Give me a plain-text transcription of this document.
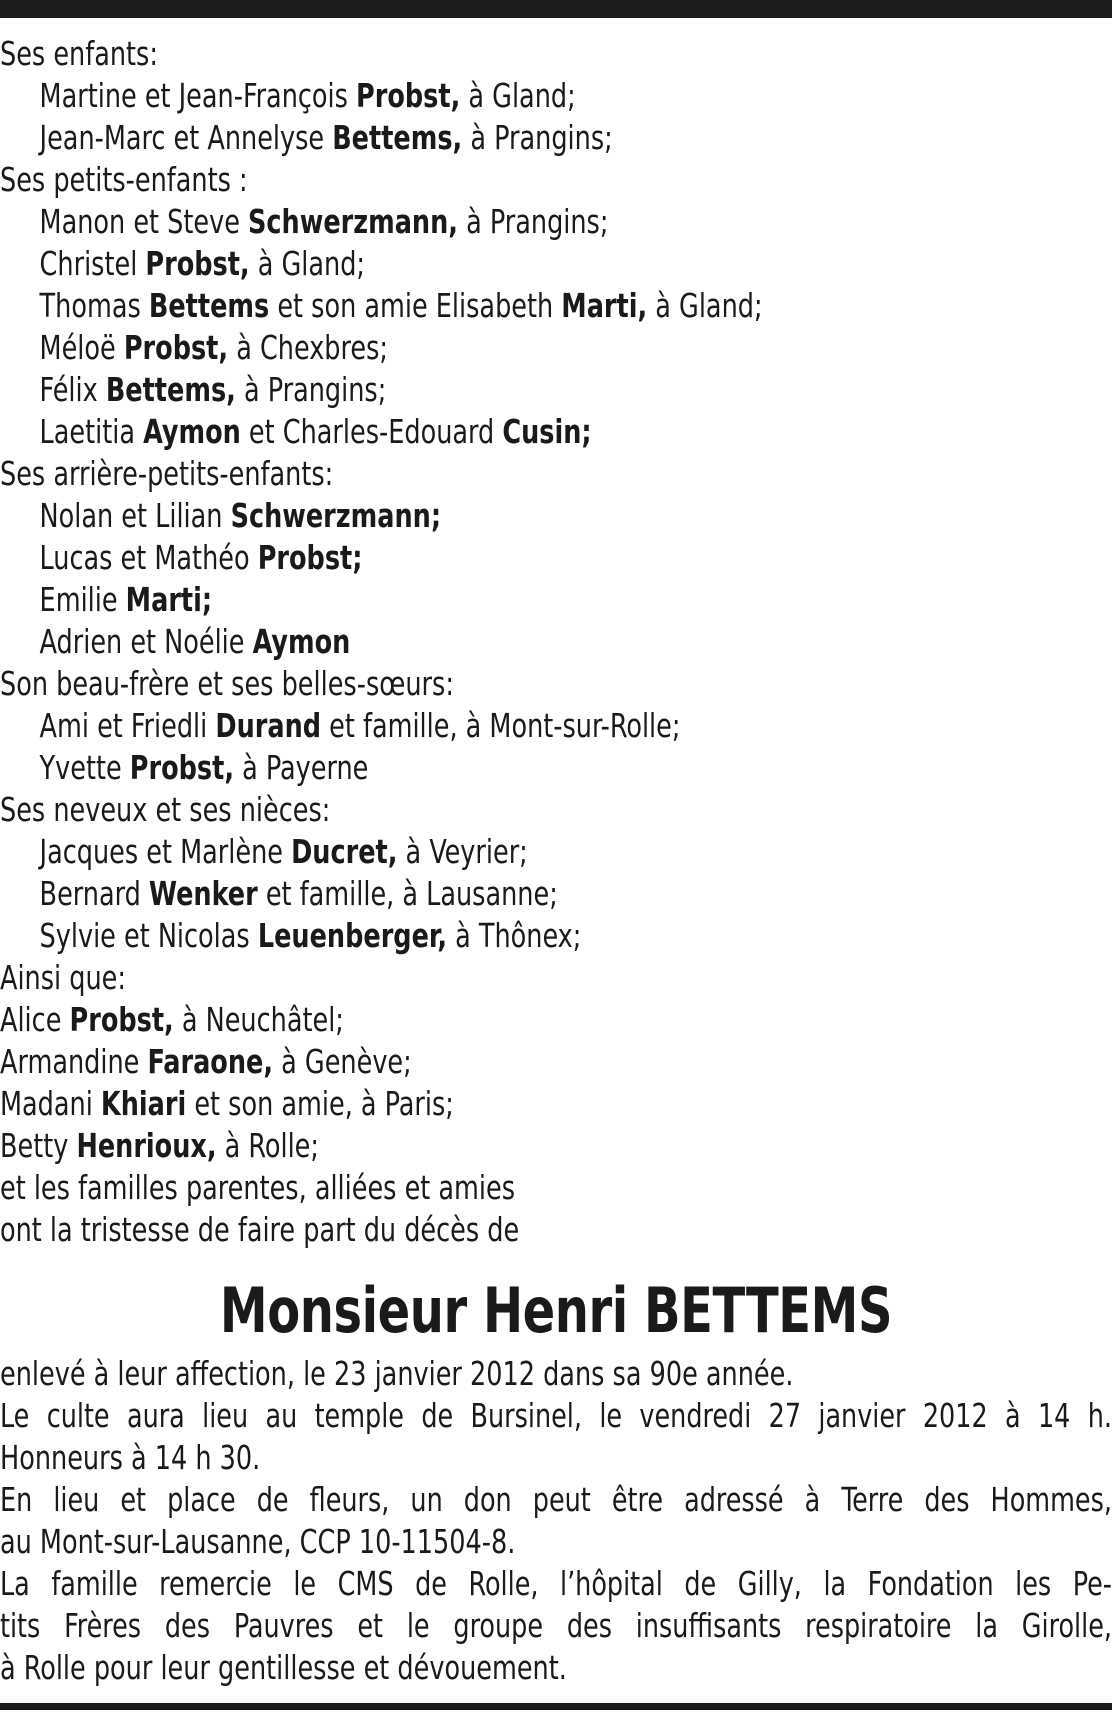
Ses enfants:
Martine et Jean-François Probst, à Gland;
Jean-Marc et Annelyse Bettems, à Prangins;
Ses petits-enfants :
Manon et Steve Schwerzmann, à Prangins;
Christel Probst, à Gland;
Thomas Bettems et son amie Elisabeth Marti, à Gland;
Méloë Probst, à Chexbres;
Félix Bettems, à Prangins;
Laetitia Aymon et Charles-Edouard Cusin;
Ses arrière-petits-enfants:
Nolan et Lilian Schwerzmann;
Lucas et Mathéo Probst;
Emilie Marti;
Adrien et Noélie Aymon
Son beau-frère et ses belles-sœurs:
Ami et Friedli Durand et famille, à Mont-sur-Rolle;
Yvette Probst, à Payerne
Ses neveux et ses nièces:
Jacques et Marlène Ducret, à Veyrier;
Bernard Wenker et famille, à Lausanne;
Sylvie et Nicolas Leuenberger, à Thônex;
Ainsi que:
Alice Probst, à Neuchâtel;
Armandine Faraone, à Genève;
Madani Khiari et son amie, à Paris;
Betty Henrioux, à Rolle;
et les familles parentes, alliées et amies
ont la tristesse de faire part du décès de
Monsieur Henri BETTEMS
enlevé à leur affection, le 23 janvier 2012 dans sa 90e année.
Le culte aura lieu au temple de Bursinel, le vendredi 27 janvier 2012 à 14 h.
Honneurs à 14 h 30.
En lieu et place de fleurs, un don peut être adressé à Terre des Hommes,
au Mont-sur-Lausanne, CCP 10-11504-8.
La famille remercie le CMS de Rolle, l’hôpital de Gilly, la Fondation les Pe-
tits Frères des Pauvres et le groupe des insuffisants respiratoire la Girolle,
à Rolle pour leur gentillesse et dévouement.
